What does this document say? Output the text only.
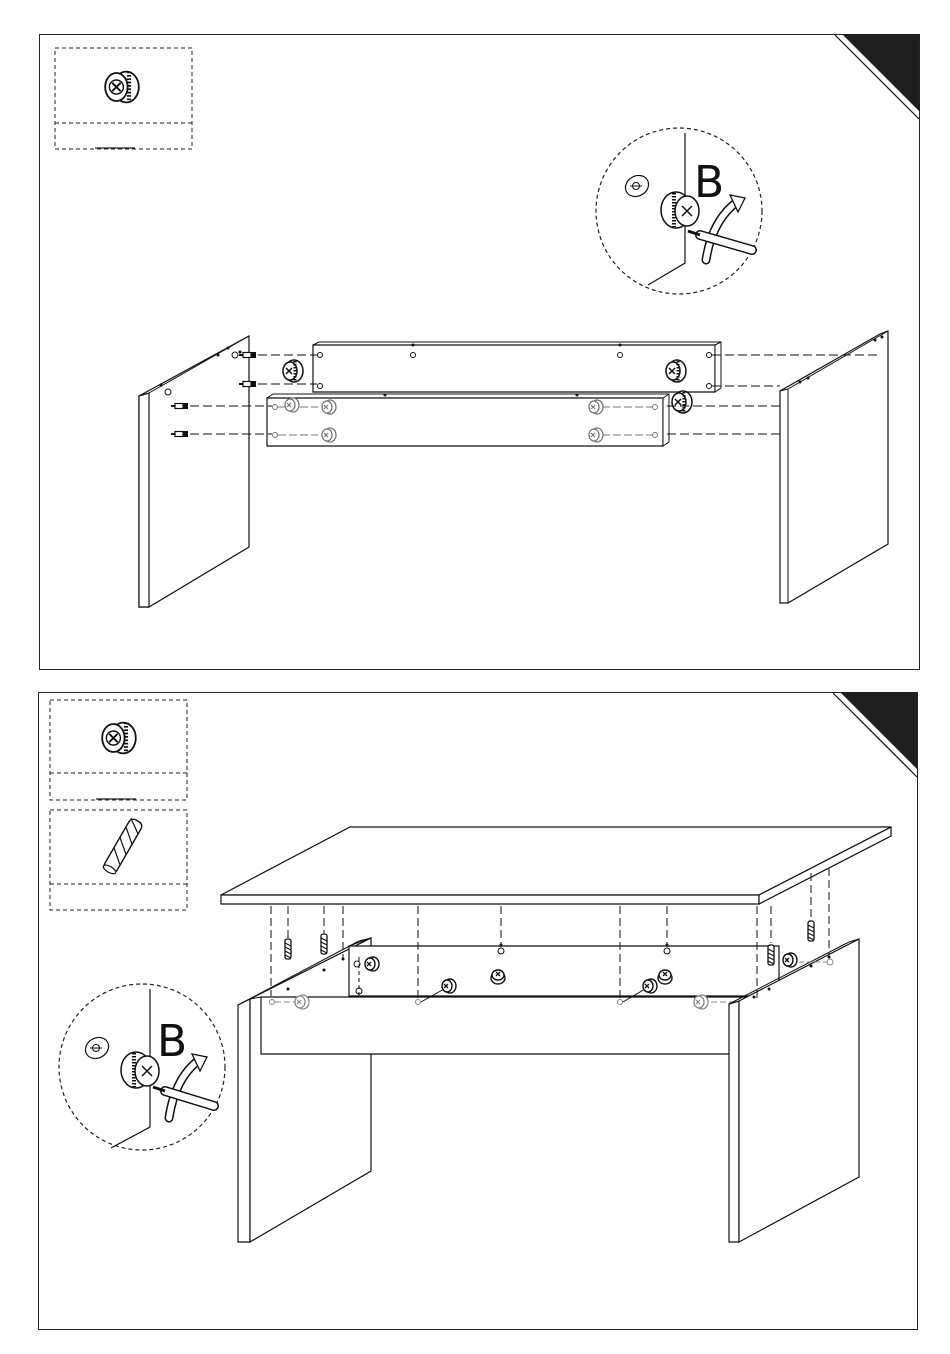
B
B
